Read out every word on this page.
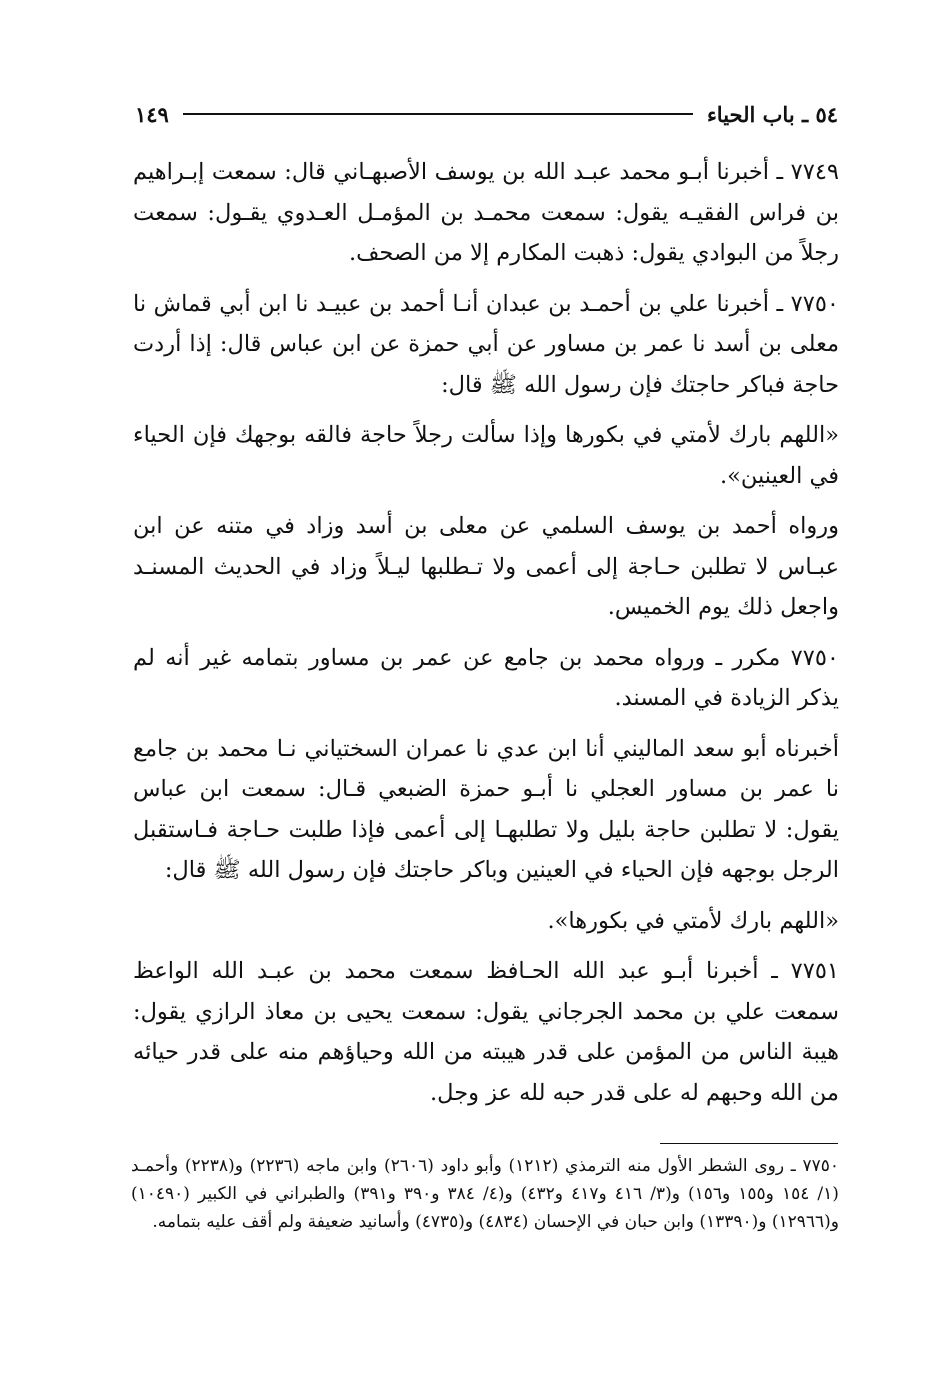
٥٤ ـ باب الحياء
١٤٩

٧٧٤٩ ـ أخبرنا أبـو محمد عبـد الله بن يوسف الأصبهـاني قال: سمعت إبـراهيم بن فراس الفقيـه يقول: سمعت محمـد بن المؤمـل العـدوي يقـول: سمعت رجلاً من البوادي يقول: ذهبت المكارم إلا من الصحف.

٧٧٥٠ ـ أخبرنا علي بن أحمـد بن عبدان أنـا أحمد بن عبيـد نا ابن أبي قماش نا معلى بن أسد نا عمر بن مساور عن أبي حمزة عن ابن عباس قال: إذا أردت حاجة فباكر حاجتك فإن رسول الله ﷺ قال:

«اللهم بارك لأمتي في بكورها وإذا سألت رجلاً حاجة فالقه بوجهك فإن الحياء في العينين».

ورواه أحمد بن يوسف السلمي عن معلى بن أسد وزاد في متنه عن ابن عبـاس لا تطلبن حـاجة إلى أعمى ولا تـطلبها ليـلاً وزاد في الحديث المسنـد واجعل ذلك يوم الخميس.

٧٧٥٠ مكرر ـ ورواه محمد بن جامع عن عمر بن مساور بتمامه غير أنه لم يذكر الزيادة في المسند.

أخبرناه أبو سعد الماليني أنا ابن عدي نا عمران السختياني نـا محمد بن جامع نا عمر بن مساور العجلي نا أبـو حمزة الضبعي قـال: سمعت ابن عباس يقول: لا تطلبن حاجة بليل ولا تطلبهـا إلى أعمى فإذا طلبت حـاجة فـاستقبل الرجل بوجهه فإن الحياء في العينين وباكر حاجتك فإن رسول الله ﷺ قال:

«اللهم بارك لأمتي في بكورها».

٧٧٥١ ـ أخبرنا أبـو عبد الله الحـافظ سمعت محمد بن عبـد الله الواعظ سمعت علي بن محمد الجرجاني يقول: سمعت يحيى بن معاذ الرازي يقول: هيبة الناس من المؤمن على قدر هيبته من الله وحياؤهم منه على قدر حيائه من الله وحبهم له على قدر حبه لله عز وجل.

٧٧٥٠ ـ روى الشطر الأول منه الترمذي (١٢١٢) وأبو داود (٢٦٠٦) وابن ماجه (٢٢٣٦) و(٢٢٣٨) وأحمـد (١/ ١٥٤ و١٥٥ و١٥٦) و(٣/ ٤١٦ و٤١٧ و٤٣٢) و(٤/ ٣٨٤ و٣٩٠ و٣٩١) والطبراني في الكبير (١٠٤٩٠) و(١٢٩٦٦) و(١٣٣٩٠) وابن حبان في الإحسان (٤٨٣٤) و(٤٧٣٥) وأسانيد ضعيفة ولم أقف عليه بتمامه.
